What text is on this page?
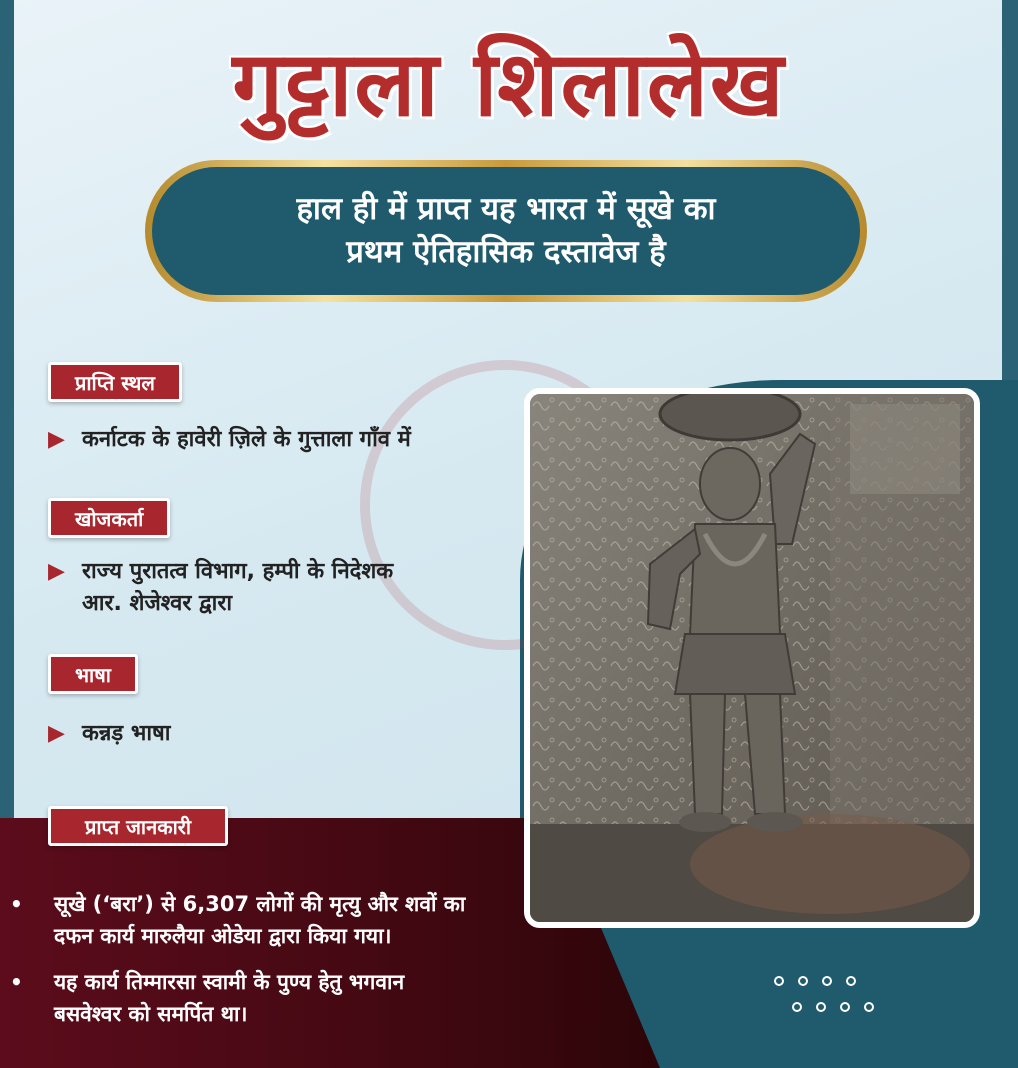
गुट्टाला शिलालेख
हाल ही में प्राप्त यह भारत में सूखे का
प्रथम ऐतिहासिक दस्तावेज है
प्राप्ति स्थल
▶ कर्नाटक के हावेरी ज़िले के गुत्ताला गाँव में
खोजकर्ता
▶ राज्य पुरातत्व विभाग, हम्पी के निदेशक
आर. शेजेश्वर द्वारा
भाषा
▶ कन्नड़ भाषा
प्राप्त जानकारी
•	सूखे (‘बरा’) से 6,307 लोगों की मृत्यु और शवों का
दफन कार्य मारुलैया ओडेया द्वारा किया गया।
•	यह कार्य तिम्मारसा स्वामी के पुण्य हेतु भगवान
बसवेश्वर को समर्पित था।
